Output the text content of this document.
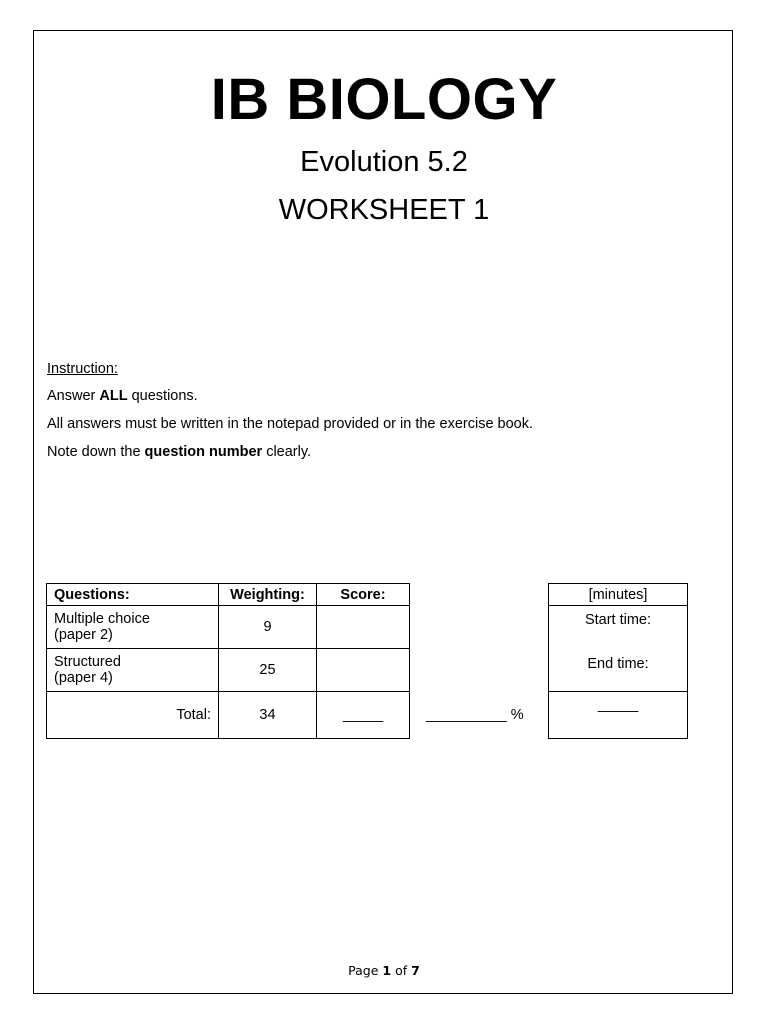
IB BIOLOGY
Evolution 5.2
WORKSHEET 1
Instruction:
Answer ALL questions.
All answers must be written in the notepad provided or in the exercise book.
Note down the question number clearly.
Questions:	Weighting:	Score:
Multiple choice
(paper 2)	9	
Structured
(paper 4)	25	
Total:	34	_____	__________ %
[minutes]

Start time:
End time:

_____
Page 1 of 7
